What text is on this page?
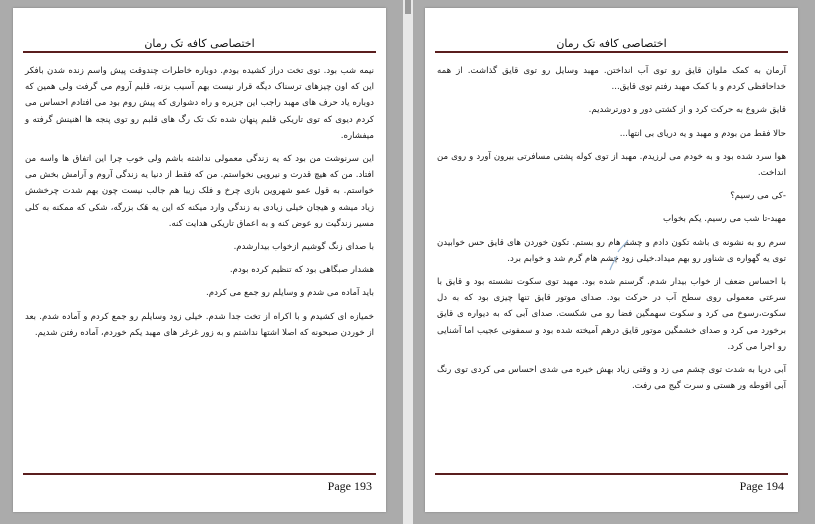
اختصاصی کافه تک رمان

نیمه شب بود. توی تخت دراز کشیده بودم. دوباره خاطرات چندوقت پیش واسم زنده شدن بافکر این که اون چیزهای ترسناک دیگه قرار نیست بهم آسیب بزنه، قلبم آروم می گرفت ولی همین که دوباره یاد حرف های مهبد راجب این جزیره و راه دشواری که پیش روم بود می افتادم احساس می کردم دیوی که توی تاریکی قلبم پنهان شده تک تک رگ های قلبم رو توی پنجه ها اهنینش گرفته و میفشاره.

این سرنوشت من بود که یه زندگی معمولی نداشته باشم ولی خوب چرا این اتفاق ها واسه من افتاد. من که هیچ قدرت و نیرویی نخواستم. من که فقط از دنیا یه زندگی آروم و آرامش بخش می خواستم. به قول عمو شهروین بازی چرخ و فلک زیبا هم جالب نیست چون بهم شدت چرخشش زیاد میشه و هیجان خیلی زیادی به زندگی وارد میکنه که این یه هَک بزرگه، شکی که ممکنه به کلی مسیر زندگیت رو عوض کنه و به اعماق تاریکی هدایت کنه.

با صدای زنگ گوشیم ازخواب بیدارشدم.

هشدار صبگاهی بود که تنظیم کرده بودم.

باید آماده می شدم و وسایلم رو جمع می کردم.

خمیازه ای کشیدم و با اکراه از تخت جدا شدم. خیلی زود وسایلم رو جمع کردم و آماده شدم. بعد از خوردن صبحونه که اصلا اشتها نداشتم و به زور غرغر های مهبد یکم خوردم، آماده رفتن شدیم.

Page 193
اختصاصی کافه تک رمان

آرمان به کمک ملوان قایق رو توی آب انداختن. مهبد وسایل رو توی قایق گذاشت. از همه خداحافظی کردم و با کمک مهبد رفتم توی قایق...

قایق شروع به حرکت کرد و از کشتی دور و دورترشدیم.

حالا فقط من بودم و مهبد و یه دریای بی انتها...

هوا سرد شده بود و به خودم می لرزیدم. مهبد از توی کوله پشتی مسافرتی بیرون آورد و روی من انداخت.

-کی می رسیم؟

مهبد-تا شب می رسیم. یکم بخواب

سرم رو به نشونه ی باشه تکون دادم و چشم هام رو بستم. تکون خوردن های قایق حس خوابیدن توی یه گهواره ی شناور رو بهم میداد.خیلی زود چشم هام گرم شد و خوابم برد.

با احساس ضعف از خواب بیدار شدم. گرسنم شده بود. مهبد توی سکوت نشسته بود و قایق با سرعتی معمولی روی سطح آب در حرکت بود. صدای موتور قایق تنها چیزی بود که به دل سکوت،رسوخ می کرد و سکوت سهمگین فضا رو می شکست. صدای آبی که به دیواره ی قایق برخورد می کرد و صدای خشمگین موتور قایق درهم آمیخته شده بود و سمفونی عجیب اما آشنایی رو اجرا می کرد.

آبی دریا به شدت توی چشم می زد و وقتی زیاد بهش خیره می شدی احساس می کردی توی رنگ آبی اقوطه ور هستی و سرت گیج می رفت.

Page 194
